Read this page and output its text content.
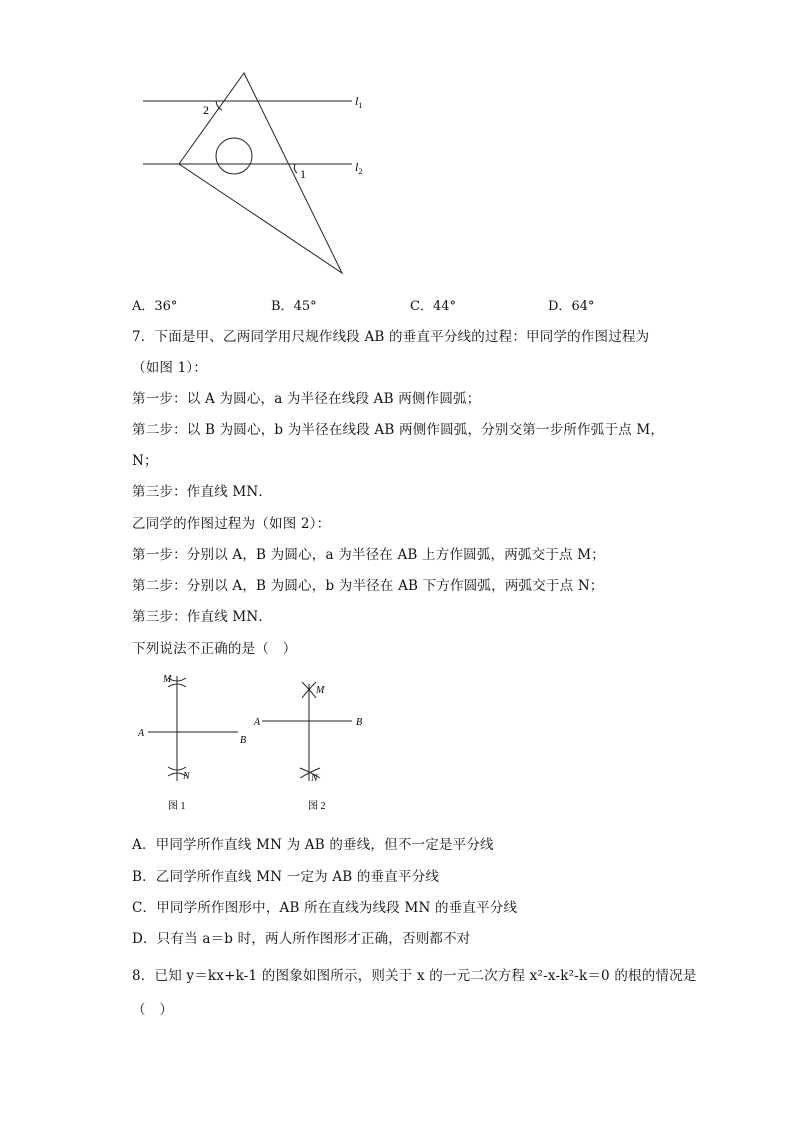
2
1
$l_1$
$l_2$
A．36°	B．45°	C．44°	D．64°
7．下面是甲、乙两同学用尺规作线段 AB 的垂直平分线的过程：甲同学的作图过程为
（如图 1）：
第一步：以 A 为圆心，a 为半径在线段 AB 两侧作圆弧；
第二步：以 B 为圆心，b 为半径在线段 AB 两侧作圆弧，分别交第一步所作弧于点 M，
N；
第三步：作直线 MN．
乙同学的作图过程为（如图 2）：
第一步：分别以 A，B 为圆心，a 为半径在 AB 上方作圆弧，两弧交于点 M；
第二步：分别以 A，B 为圆心，b 为半径在 AB 下方作圆弧，两弧交于点 N；
第三步：作直线 MN．
下列说法不正确的是（　）
M
N
A
B
图 1
M
N
A	B
图 2
A．甲同学所作直线 MN 为 AB 的垂线，但不一定是平分线
B．乙同学所作直线 MN 一定为 AB 的垂直平分线
C．甲同学所作图形中，AB 所在直线为线段 MN 的垂直平分线
D．只有当 a＝b 时，两人所作图形才正确，否则都不对
8．已知 y＝kx+k-1 的图象如图所示，则关于 x 的一元二次方程 x²-x-k²-k＝0 的根的情况是
（　）
